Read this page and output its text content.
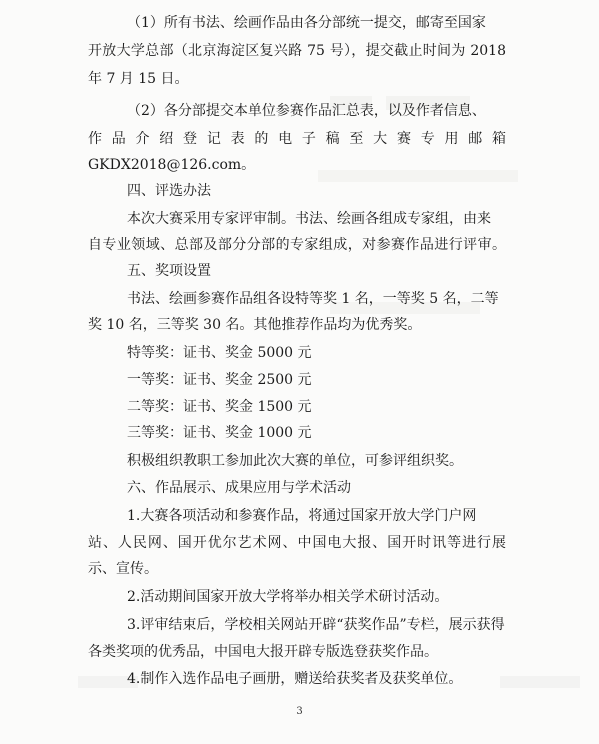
（1）所有书法、绘画作品由各分部统一提交，邮寄至国家
开放大学总部（北京海淀区复兴路 75 号），提交截止时间为 2018
年 7 月 15 日。
（2）各分部提交本单位参赛作品汇总表，以及作者信息、
作品介绍登记表的电子稿至大赛专用邮箱
GKDX2018@126.com。
四、评选办法
本次大赛采用专家评审制。书法、绘画各组成专家组，由来
自专业领域、总部及部分分部的专家组成，对参赛作品进行评审。
五、奖项设置
书法、绘画参赛作品组各设特等奖 1 名，一等奖 5 名，二等
奖 10 名，三等奖 30 名。其他推荐作品均为优秀奖。
特等奖：证书、奖金 5000 元
一等奖：证书、奖金 2500 元
二等奖：证书、奖金 1500 元
三等奖：证书、奖金 1000 元
积极组织教职工参加此次大赛的单位，可参评组织奖。
六、作品展示、成果应用与学术活动
1.大赛各项活动和参赛作品，将通过国家开放大学门户网
站、人民网、国开优尔艺术网、中国电大报、国开时讯等进行展
示、宣传。
2.活动期间国家开放大学将举办相关学术研讨活动。
3.评审结束后，学校相关网站开辟“获奖作品”专栏，展示获得
各类奖项的优秀品，中国电大报开辟专版选登获奖作品。
4.制作入选作品电子画册，赠送给获奖者及获奖单位。
3
